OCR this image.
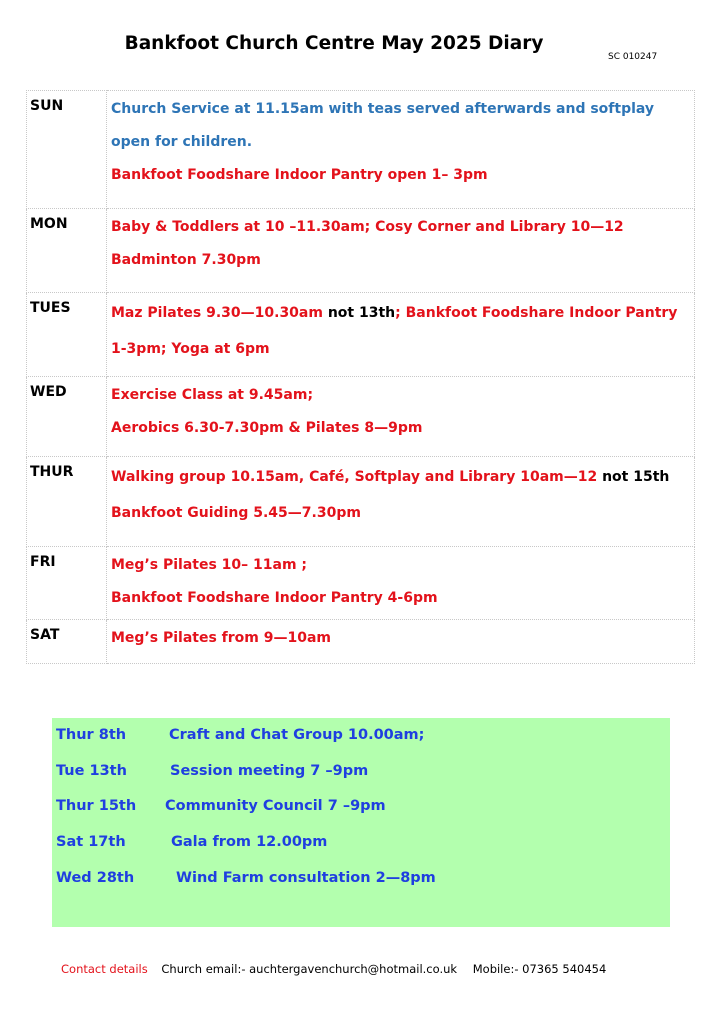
Bankfoot Church Centre May 2025 Diary
SC 010247
SUN	Church Service at 11.15am with teas served afterwards and softplay
open for children.
Bankfoot Foodshare Indoor Pantry open 1– 3pm

MON	Baby & Toddlers at 10 –11.30am; Cosy Corner and Library 10—12
Badminton 7.30pm

TUES	Maz Pilates 9.30—10.30am not 13th; Bankfoot Foodshare Indoor Pantry
1-3pm; Yoga at 6pm

WED	Exercise Class at 9.45am;
Aerobics 6.30-7.30pm & Pilates 8—9pm

THUR	Walking group 10.15am, Café, Softplay and Library 10am—12 not 15th
Bankfoot Guiding 5.45—7.30pm

FRI	Meg’s Pilates 10– 11am ;
Bankfoot Foodshare Indoor Pantry 4-6pm

SAT	Meg’s Pilates from 9—10am
Thur 8th	Craft and Chat Group 10.00am;
Tue 13th	Session meeting 7 –9pm
Thur 15th Community Council 7 –9pm
Sat 17th	Gala from 12.00pm
Wed 28th	Wind Farm consultation 2—8pm
Contact details Church email:- auchtergavenchurch@hotmail.co.uk Mobile:- 07365 540454
